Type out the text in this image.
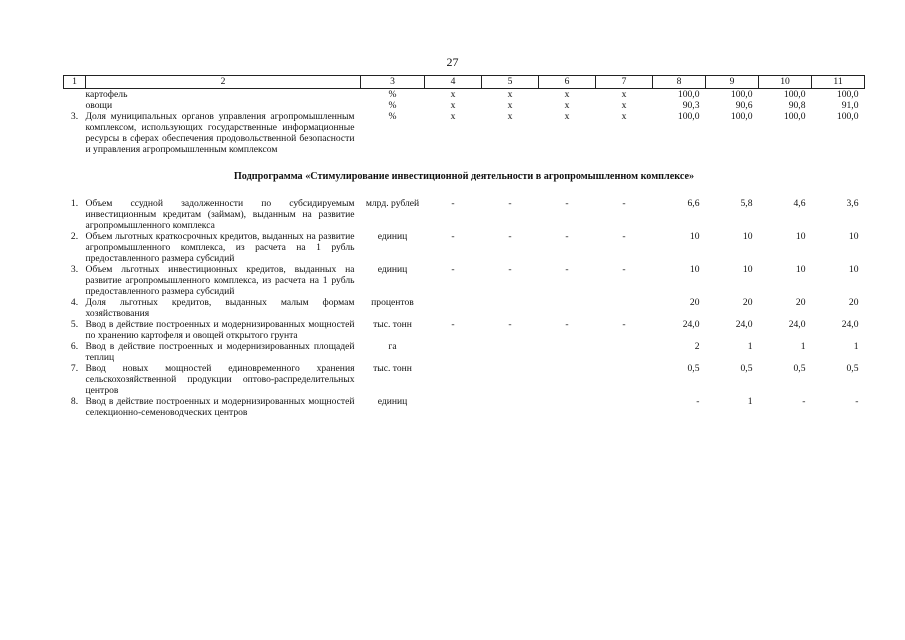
27
1	2	3	4	5	6	7	8	9	10	11
	картофель	%	х	х	х	х	100,0	100,0	100,0	100,0
	овощи	%	х	х	х	х	90,3	90,6	90,8	91,0
3.	Доля муниципальных органов управления агропромышленным комплексом, использующих государственные информационные ресурсы в сферах обеспечения продовольственной безопасности и управления агропромышленным комплексом	%	х	х	х	х	100,0	100,0	100,0	100,0
Подпрограмма «Стимулирование инвестиционной деятельности в агропромышленном комплексе»										
1.	Объем ссудной задолженности по субсидируемым инвестиционным кредитам (займам), выданным на развитие агропромышленного комплекса	млрд. рублей	-	-	-	-	6,6	5,8	4,6	3,6
2.	Объем льготных краткосрочных кредитов, выданных на развитие агропромышленного комплекса, из расчета на 1 рубль предоставленного размера субсидий	единиц	-	-	-	-	10	10	10	10
3.	Объем льготных инвестиционных кредитов, выданных на развитие агропромышленного комплекса, из расчета на 1 рубль предоставленного размера субсидий	единиц	-	-	-	-	10	10	10	10
4.	Доля льготных кредитов, выданных малым формам хозяйствования	процентов					20	20	20	20
5.	Ввод в действие построенных и модернизированных мощностей по хранению картофеля и овощей открытого грунта	тыс. тонн	-	-	-	-	24,0	24,0	24,0	24,0
6.	Ввод в действие построенных и модернизированных площадей теплиц	га					2	1	1	1
7.	Ввод новых мощностей единовременного хранения сельскохозяйственной продукции оптово-распределительных центров	тыс. тонн					0,5	0,5	0,5	0,5
8.	Ввод в действие построенных и модернизированных мощностей селекционно-семеноводческих центров	единиц					-	1	-	-
